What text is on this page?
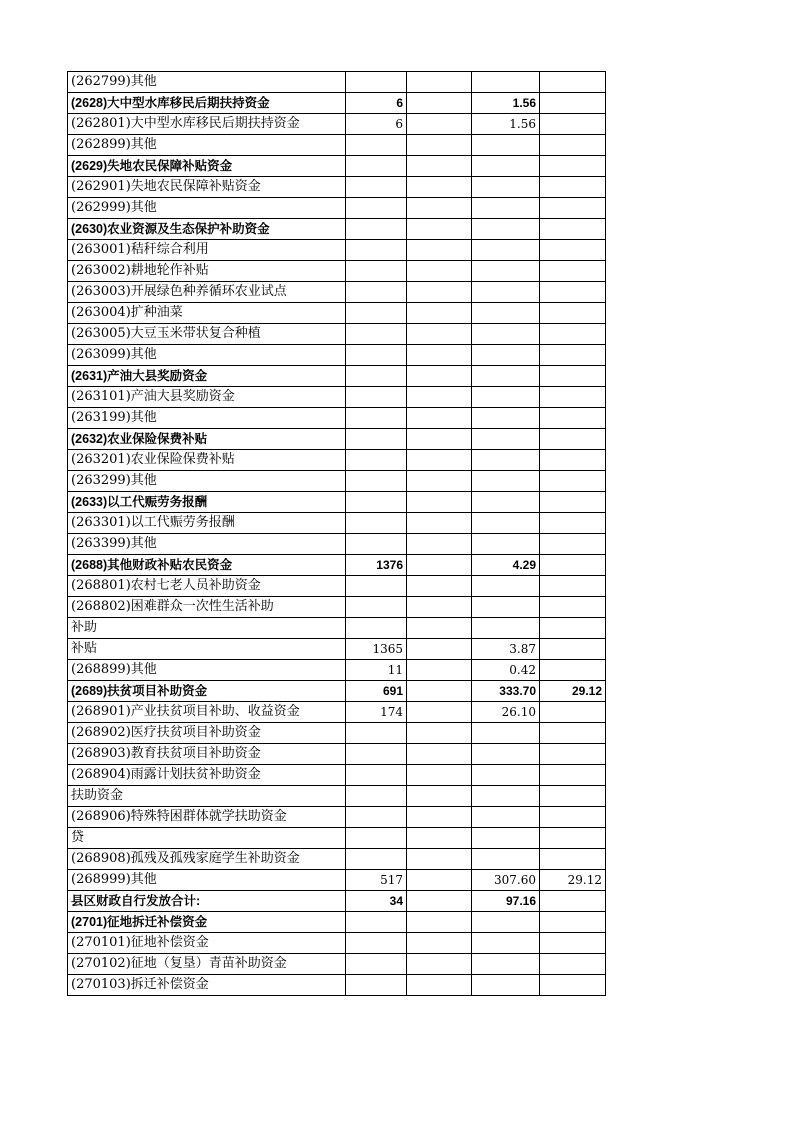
(262799)其他				
(2628)大中型水库移民后期扶持资金	6		1.56	
(262801)大中型水库移民后期扶持资金	6		1.56	
(262899)其他				
(2629)失地农民保障补贴资金				
(262901)失地农民保障补贴资金				
(262999)其他				
(2630)农业资源及生态保护补助资金				
(263001)秸秆综合利用				
(263002)耕地轮作补贴				
(263003)开展绿色种养循环农业试点				
(263004)扩种油菜				
(263005)大豆玉米带状复合种植				
(263099)其他				
(2631)产油大县奖励资金				
(263101)产油大县奖励资金				
(263199)其他				
(2632)农业保险保费补贴				
(263201)农业保险保费补贴				
(263299)其他				
(2633)以工代赈劳务报酬				
(263301)以工代赈劳务报酬				
(263399)其他				
(2688)其他财政补贴农民资金	1376		4.29	
(268801)农村七老人员补助资金				
(268802)困难群众一次性生活补助				
补助				
补贴	1365		3.87	
(268899)其他	11		0.42	
(2689)扶贫项目补助资金	691		333.70	29.12
(268901)产业扶贫项目补助、收益资金	174		26.10	
(268902)医疗扶贫项目补助资金				
(268903)教育扶贫项目补助资金				
(268904)雨露计划扶贫补助资金				
扶助资金				
(268906)特殊特困群体就学扶助资金				
贷				
(268908)孤残及孤残家庭学生补助资金				
(268999)其他	517		307.60	29.12
县区财政自行发放合计:	34		97.16	
(2701)征地拆迁补偿资金				
(270101)征地补偿资金				
(270102)征地（复垦）青苗补助资金				
(270103)拆迁补偿资金				
